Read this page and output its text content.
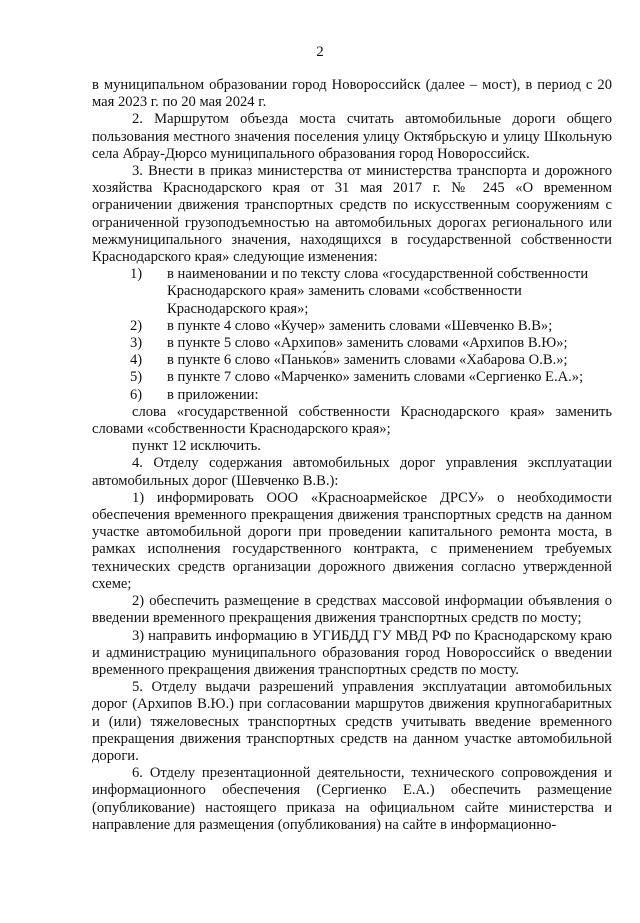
2

в муниципальном образовании город Новороссийск (далее – мост), в период с 20 мая 2023 г. по 20 мая 2024 г.

2. Маршрутом объезда моста считать автомобильные дороги общего пользования местного значения поселения улицу Октябрьскую и улицу Школьную села Абрау-Дюрсо муниципального образования город Новороссийск.

3. Внести в приказ министерства от министерства транспорта и дорожного хозяйства Краснодарского края от 31 мая 2017 г. № 245 «О временном ограничении движения транспортных средств по искусственным сооружениям с ограниченной грузоподъемностью на автомобильных дорогах регионального или межмуниципального значения, находящихся в государственной собственности Краснодарского края» следующие изменения:

1)	в наименовании и по тексту слова «государственной собственности Краснодарского края» заменить словами «собственности Краснодарского края»;
2)	в пункте 4 слово «Кучер» заменить словами «Шевченко В.В»;
3)	в пункте 5 слово «Архипов» заменить словами «Архипов В.Ю»;
4)	в пункте 6 слово «Панько́в» заменить словами «Хабарова О.В.»;
5)	в пункте 7 слово «Марченко» заменить словами «Сергиенко Е.А.»;
6)	в приложении:

слова «государственной собственности Краснодарского края» заменить словами «собственности Краснодарского края»;

пункт 12 исключить.

4. Отделу содержания автомобильных дорог управления эксплуатации автомобильных дорог (Шевченко В.В.):

1) информировать ООО «Красноармейское ДРСУ» о необходимости обеспечения временного прекращения движения транспортных средств на данном участке автомобильной дороги при проведении капитального ремонта моста, в рамках исполнения государственного контракта, с применением требуемых технических средств организации дорожного движения согласно утвержденной схеме;

2) обеспечить размещение в средствах массовой информации объявления о введении временного прекращения движения транспортных средств по мосту;

3) направить информацию в УГИБДД ГУ МВД РФ по Краснодарскому краю и администрацию муниципального образования город Новороссийск о введении временного прекращения движения транспортных средств по мосту.

5. Отделу выдачи разрешений управления эксплуатации автомобильных дорог (Архипов В.Ю.) при согласовании маршрутов движения крупногабаритных и (или) тяжеловесных транспортных средств учитывать введение временного прекращения движения транспортных средств на данном участке автомобильной дороги.

6. Отделу презентационной деятельности, технического сопровождения и информационного обеспечения (Сергиенко Е.А.) обеспечить размещение (опубликование) настоящего приказа на официальном сайте министерства и направление для размещения (опубликования) на сайте в информационно-
